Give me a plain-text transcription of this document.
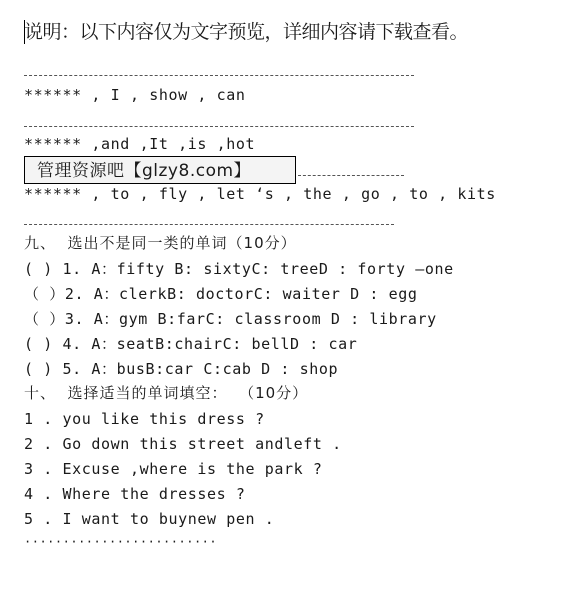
说明：以下内容仅为文字预览，详细内容请下载查看。
****** , I , show , can
****** ,and ,It ,is ,hot
管理资源吧【glzy8.com】
****** , to , fly , let ‘s , the , go , to , kits
九、  选出不是同一类的单词（10分）
( ) 1. A：fifty B: sixtyC: treeD : forty –one
（ ）2. A：clerkB: doctorC: waiter D : egg
（ ）3. A：gym B:farC: classroom D : library
( ) 4. A：seatB:chairC: bellD : car
( ) 5. A：busB:car C:cab D : shop
十、  选择适当的单词填空：  （10分）
1 . you like this dress ?
2 . Go down this street andleft .
3 . Excuse ,where is the park ?
4 . Where the dresses ?
5 . I want to buynew pen .
·························
